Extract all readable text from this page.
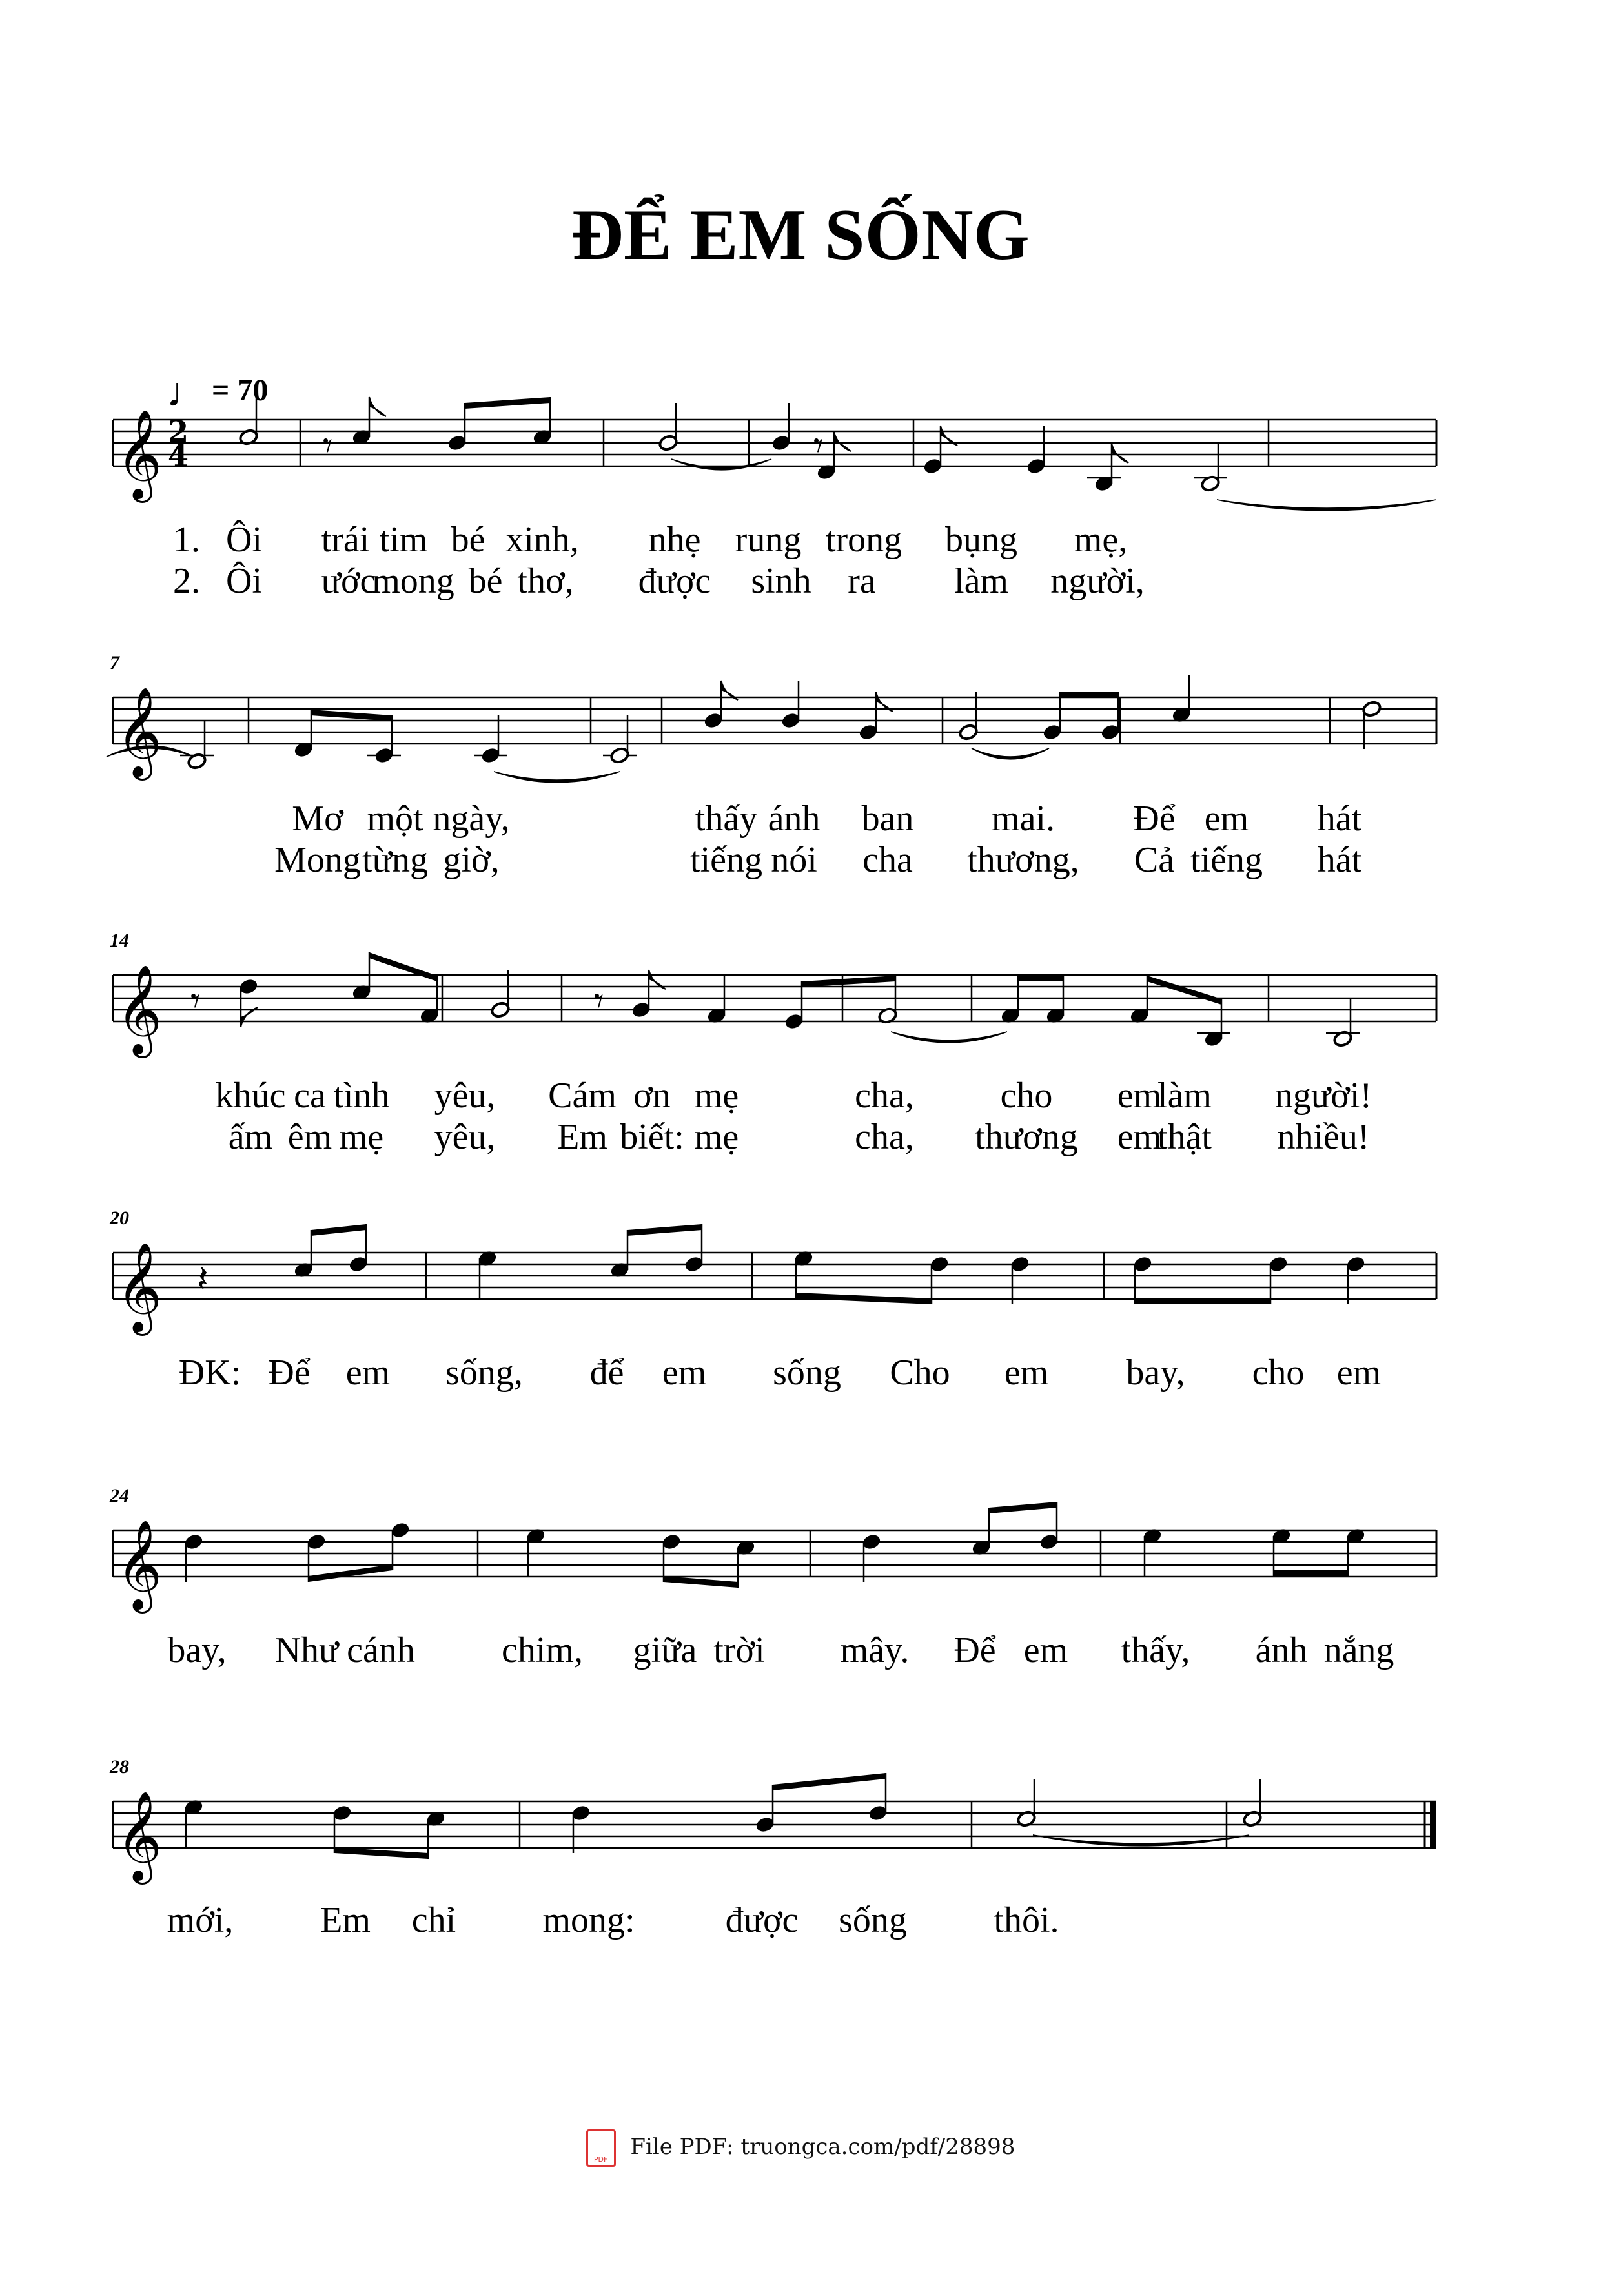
ĐỂ EM SỐNG
♩ = 70
𝄞 2
4	𝄾	𝄾
1.
2.
Ôi trái tim bé xinh, nhẹ rung trong bụng mẹ,
Ôi ước
mong bé thơ, được sinh ra làm người,
𝄞
7
Mơ một ngày,	thấy ánh ban mai. Để em hát
Mong từng giờ,	tiếng nói cha thương, Cả tiếng hát
𝄞 𝄾	𝄾
14
khúc ca tình yêu, Cám ơn mẹ	cha, cho em
làm người!
ấm êm mẹ yêu, Em biết: mẹ	cha, thương em
thật nhiều!
𝄞 𝄽
20
ĐK: Để em sống, để em sống Cho em bay, cho em
𝄞
24
bay, Như cánh chim, giữa trời mây. Để em thấy, ánh nắng
𝄞
28
mới, Em chỉ mong:	được sống thôi.
PDF File PDF: truongca.com/pdf/28898
